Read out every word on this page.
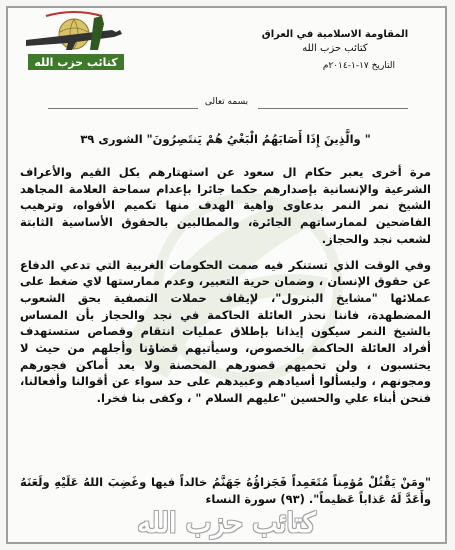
كتائب حزب الله
المقاومة الاسلامية في العراق
كتائب حزب الله
التاريخ ١٧-١-٢٠١٤م
بسمه تعالى
" والَّذِينَ إِذَا أَصَابَهُمُ الْبَغْيُ هُمْ يَنتَصِرُونَ" الشورى ٣٩

مرة أخرى يعبر حكام ال سعود عن استهتارهم بكل القيم والأعراف الشرعية والإنسانية بإصدارهم حكما جائرا بإعدام سماحة العلامة المجاهد الشيخ نمر النمر بدعاوى واهية الهدف منها تكميم الأفواه، وترهيب الفاضحين لممارساتهم الجائرة، والمطالبين بالحقوق الأساسية الثابتة لشعب نجد والحجاز.

وفي الوقت الذي تستنكر فيه صمت الحكومات الغربية التي تدعي الدفاع عن حقوق الإنسان ، وضمان حرية التعبير، وعدم ممارستها لاي ضغط على عملائها "مشايخ البترول"، لإيقاف حملات التصفية بحق الشعوب المضطهدة، فاننا نحذر العائلة الحاكمة في نجد والحجاز بأن المساس بالشيخ النمر سيكون إيذانا بإطلاق عمليات انتقام وقصاص ستستهدف أفراد العائلة الحاكمة بالخصوص، وسيأتيهم قضاؤنا وأجلهم من حيث لا يحتسبون ، ولن تحميهم قصورهم المحصنة ولا بعد أماكن فجورهم ومجونهم ، وليسألوا أسيادهم وعبيدهم على حد سواء عن أقوالنا وأفعالنا، فنحن أبناء علي والحسين "عليهم السلام " ، وكفى بنا فخرا.

"ومَنْ يَقْتُلْ مُؤمِناً مُتَعَمِداً فَجَزاؤُهُ جَهَنَّمُ خالداً فيها وغَضِبَ اللهُ عَلَيْهِ ولَعَنَهُ وأَعَدَّ لَهُ عَذاباً عَظيماً". (٩٣) سورة النساء
كتائب حزب الله
